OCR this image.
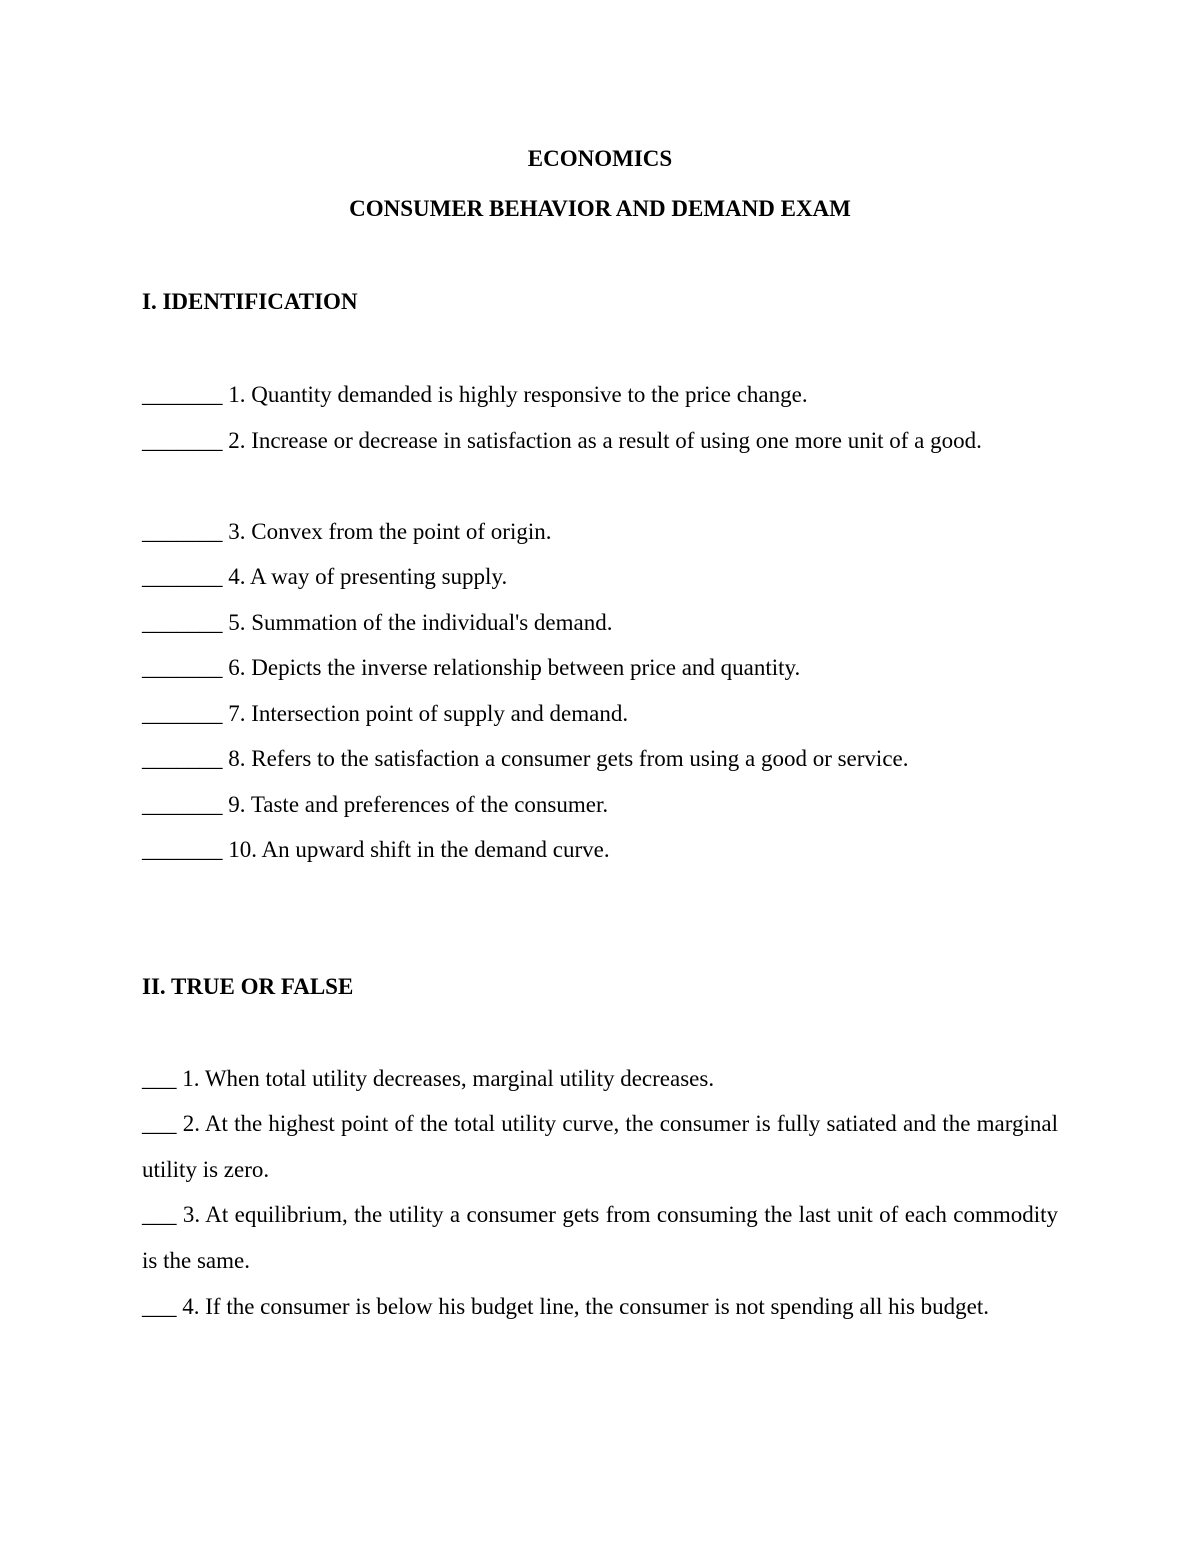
ECONOMICS
CONSUMER BEHAVIOR AND DEMAND EXAM
I. IDENTIFICATION
_______ 1. Quantity demanded is highly responsive to the price change.
_______ 2. Increase or decrease in satisfaction as a result of using one more unit of a good.
_______ 3. Convex from the point of origin.
_______ 4. A way of presenting supply.
_______ 5. Summation of the individual's demand.
_______ 6. Depicts the inverse relationship between price and quantity.
_______ 7. Intersection point of supply and demand.
_______ 8. Refers to the satisfaction a consumer gets from using a good or service.
_______ 9. Taste and preferences of the consumer.
_______ 10. An upward shift in the demand curve.
II. TRUE OR FALSE
___ 1. When total utility decreases, marginal utility decreases.
___ 2. At the highest point of the total utility curve, the consumer is fully satiated and the marginal utility is zero.
___ 3. At equilibrium, the utility a consumer gets from consuming the last unit of each commodity is the same.
___ 4. If the consumer is below his budget line, the consumer is not spending all his budget.
